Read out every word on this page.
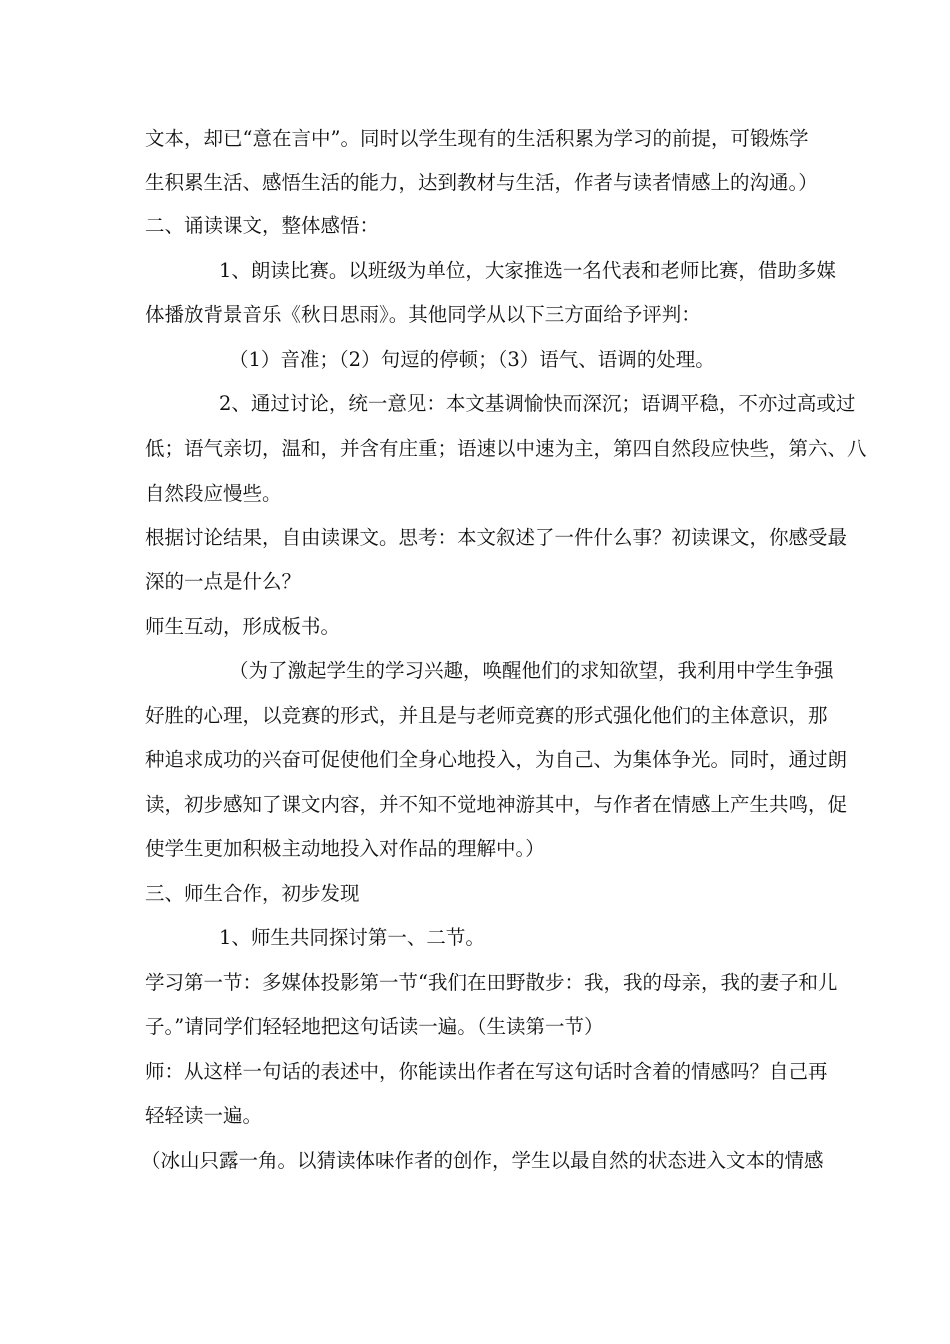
文本，却已“意在言中”。同时以学生现有的生活积累为学习的前提，可锻炼学
生积累生活、感悟生活的能力，达到教材与生活，作者与读者情感上的沟通。）
二、诵读课文，整体感悟：
1、朗读比赛。以班级为单位，大家推选一名代表和老师比赛，借助多媒
体播放背景音乐《秋日思雨》。其他同学从以下三方面给予评判：
（1）音准；（2）句逗的停顿；（3）语气、语调的处理。
2、通过讨论，统一意见：本文基调愉快而深沉；语调平稳，不亦过高或过
低；语气亲切，温和，并含有庄重；语速以中速为主，第四自然段应快些，第六、八
自然段应慢些。
根据讨论结果，自由读课文。思考：本文叙述了一件什么事？初读课文，你感受最
深的一点是什么？
师生互动，形成板书。
（为了激起学生的学习兴趣，唤醒他们的求知欲望，我利用中学生争强
好胜的心理，以竞赛的形式，并且是与老师竞赛的形式强化他们的主体意识，那
种追求成功的兴奋可促使他们全身心地投入，为自己、为集体争光。同时，通过朗
读，初步感知了课文内容，并不知不觉地神游其中，与作者在情感上产生共鸣，促
使学生更加积极主动地投入对作品的理解中。）
三、师生合作，初步发现
1、师生共同探讨第一、二节。
学习第一节：多媒体投影第一节“我们在田野散步：我，我的母亲，我的妻子和儿
子。”请同学们轻轻地把这句话读一遍。（生读第一节）
师：从这样一句话的表述中，你能读出作者在写这句话时含着的情感吗？自己再
轻轻读一遍。
（冰山只露一角。以猜读体味作者的创作，学生以最自然的状态进入文本的情感
